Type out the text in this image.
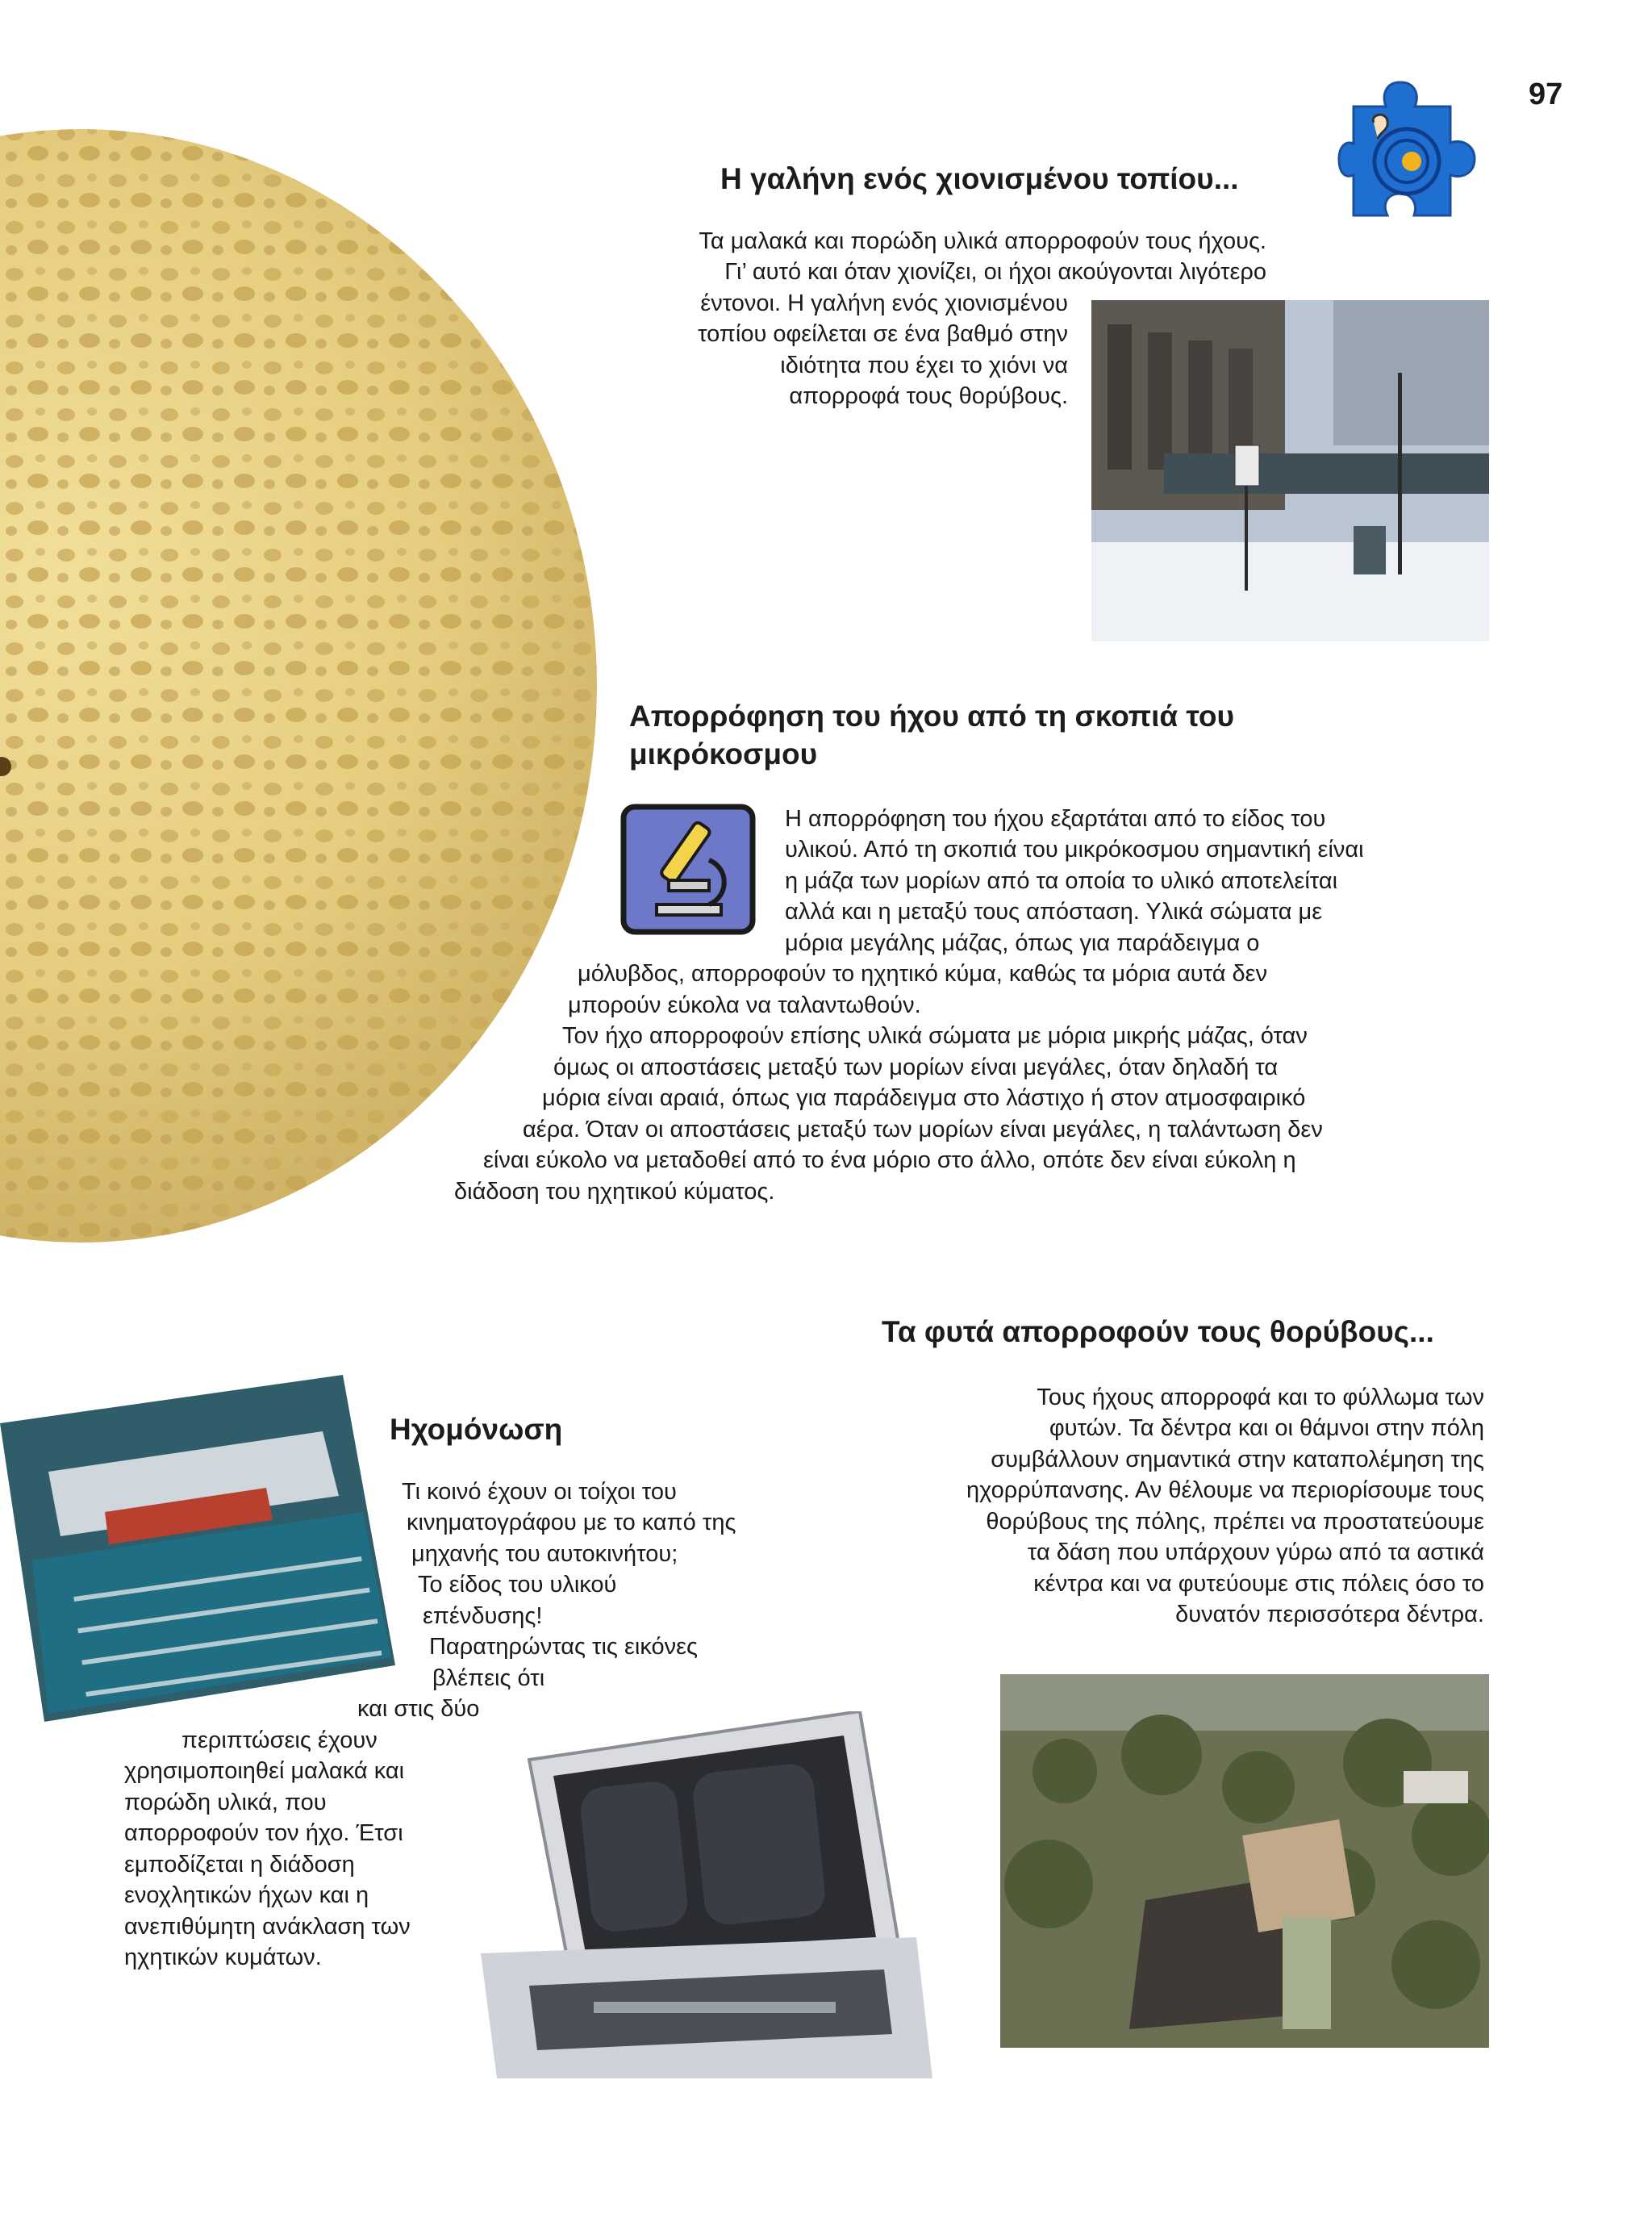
97
Η γαλήνη ενός χιονισμένου τοπίου...
Τα μαλακά και πορώδη υλικά απορροφούν τους ήχους.
Γι’ αυτό και όταν χιονίζει, οι ήχοι ακούγονται λιγότερο
έντονοι. Η γαλήνη ενός χιονισμένου
τοπίου οφείλεται σε ένα βαθμό στην
ιδιότητα που έχει το χιόνι να
απορροφά τους θορύβους.
Απορρόφηση του ήχου από τη σκοπιά του
μικρόκοσμου
Η απορρόφηση του ήχου εξαρτάται από το είδος του
υλικού. Από τη σκοπιά του μικρόκοσμου σημαντική είναι
η μάζα των μορίων από τα οποία το υλικό αποτελείται
αλλά και η μεταξύ τους απόσταση. Υλικά σώματα με
μόρια μεγάλης μάζας, όπως για παράδειγμα ο
μόλυβδος, απορροφούν το ηχητικό κύμα, καθώς τα μόρια αυτά δεν
μπορούν εύκολα να ταλαντωθούν.
Τον ήχο απορροφούν επίσης υλικά σώματα με μόρια μικρής μάζας, όταν
όμως οι αποστάσεις μεταξύ των μορίων είναι μεγάλες, όταν δηλαδή τα
μόρια είναι αραιά, όπως για παράδειγμα στο λάστιχο ή στον ατμοσφαιρικό
αέρα. Όταν οι αποστάσεις μεταξύ των μορίων είναι μεγάλες, η ταλάντωση δεν
είναι εύκολο να μεταδοθεί από το ένα μόριο στο άλλο, οπότε δεν είναι εύκολη η
διάδοση του ηχητικού κύματος.
Τα φυτά απορροφούν τους θορύβους...
Τους ήχους απορροφά και το φύλλωμα των
φυτών. Τα δέντρα και οι θάμνοι στην πόλη
συμβάλλουν σημαντικά στην καταπολέμηση της
ηχορρύπανσης. Αν θέλουμε να περιορίσουμε τους
θορύβους της πόλης, πρέπει να προστατεύουμε
τα δάση που υπάρχουν γύρω από τα αστικά
κέντρα και να φυτεύουμε στις πόλεις όσο το
δυνατόν περισσότερα δέντρα.
Ηχομόνωση
Τι κοινό έχουν οι τοίχοι του
κινηματογράφου με το καπό της
μηχανής του αυτοκινήτου;
Το είδος του υλικού
επένδυσης!
Παρατηρώντας τις εικόνες
βλέπεις ότι
και στις δύο
περιπτώσεις έχουν
χρησιμοποιηθεί μαλακά και
πορώδη υλικά, που
απορροφούν τον ήχο. Έτσι
εμποδίζεται η διάδοση
ενοχλητικών ήχων και η
ανεπιθύμητη ανάκλαση των
ηχητικών κυμάτων.
